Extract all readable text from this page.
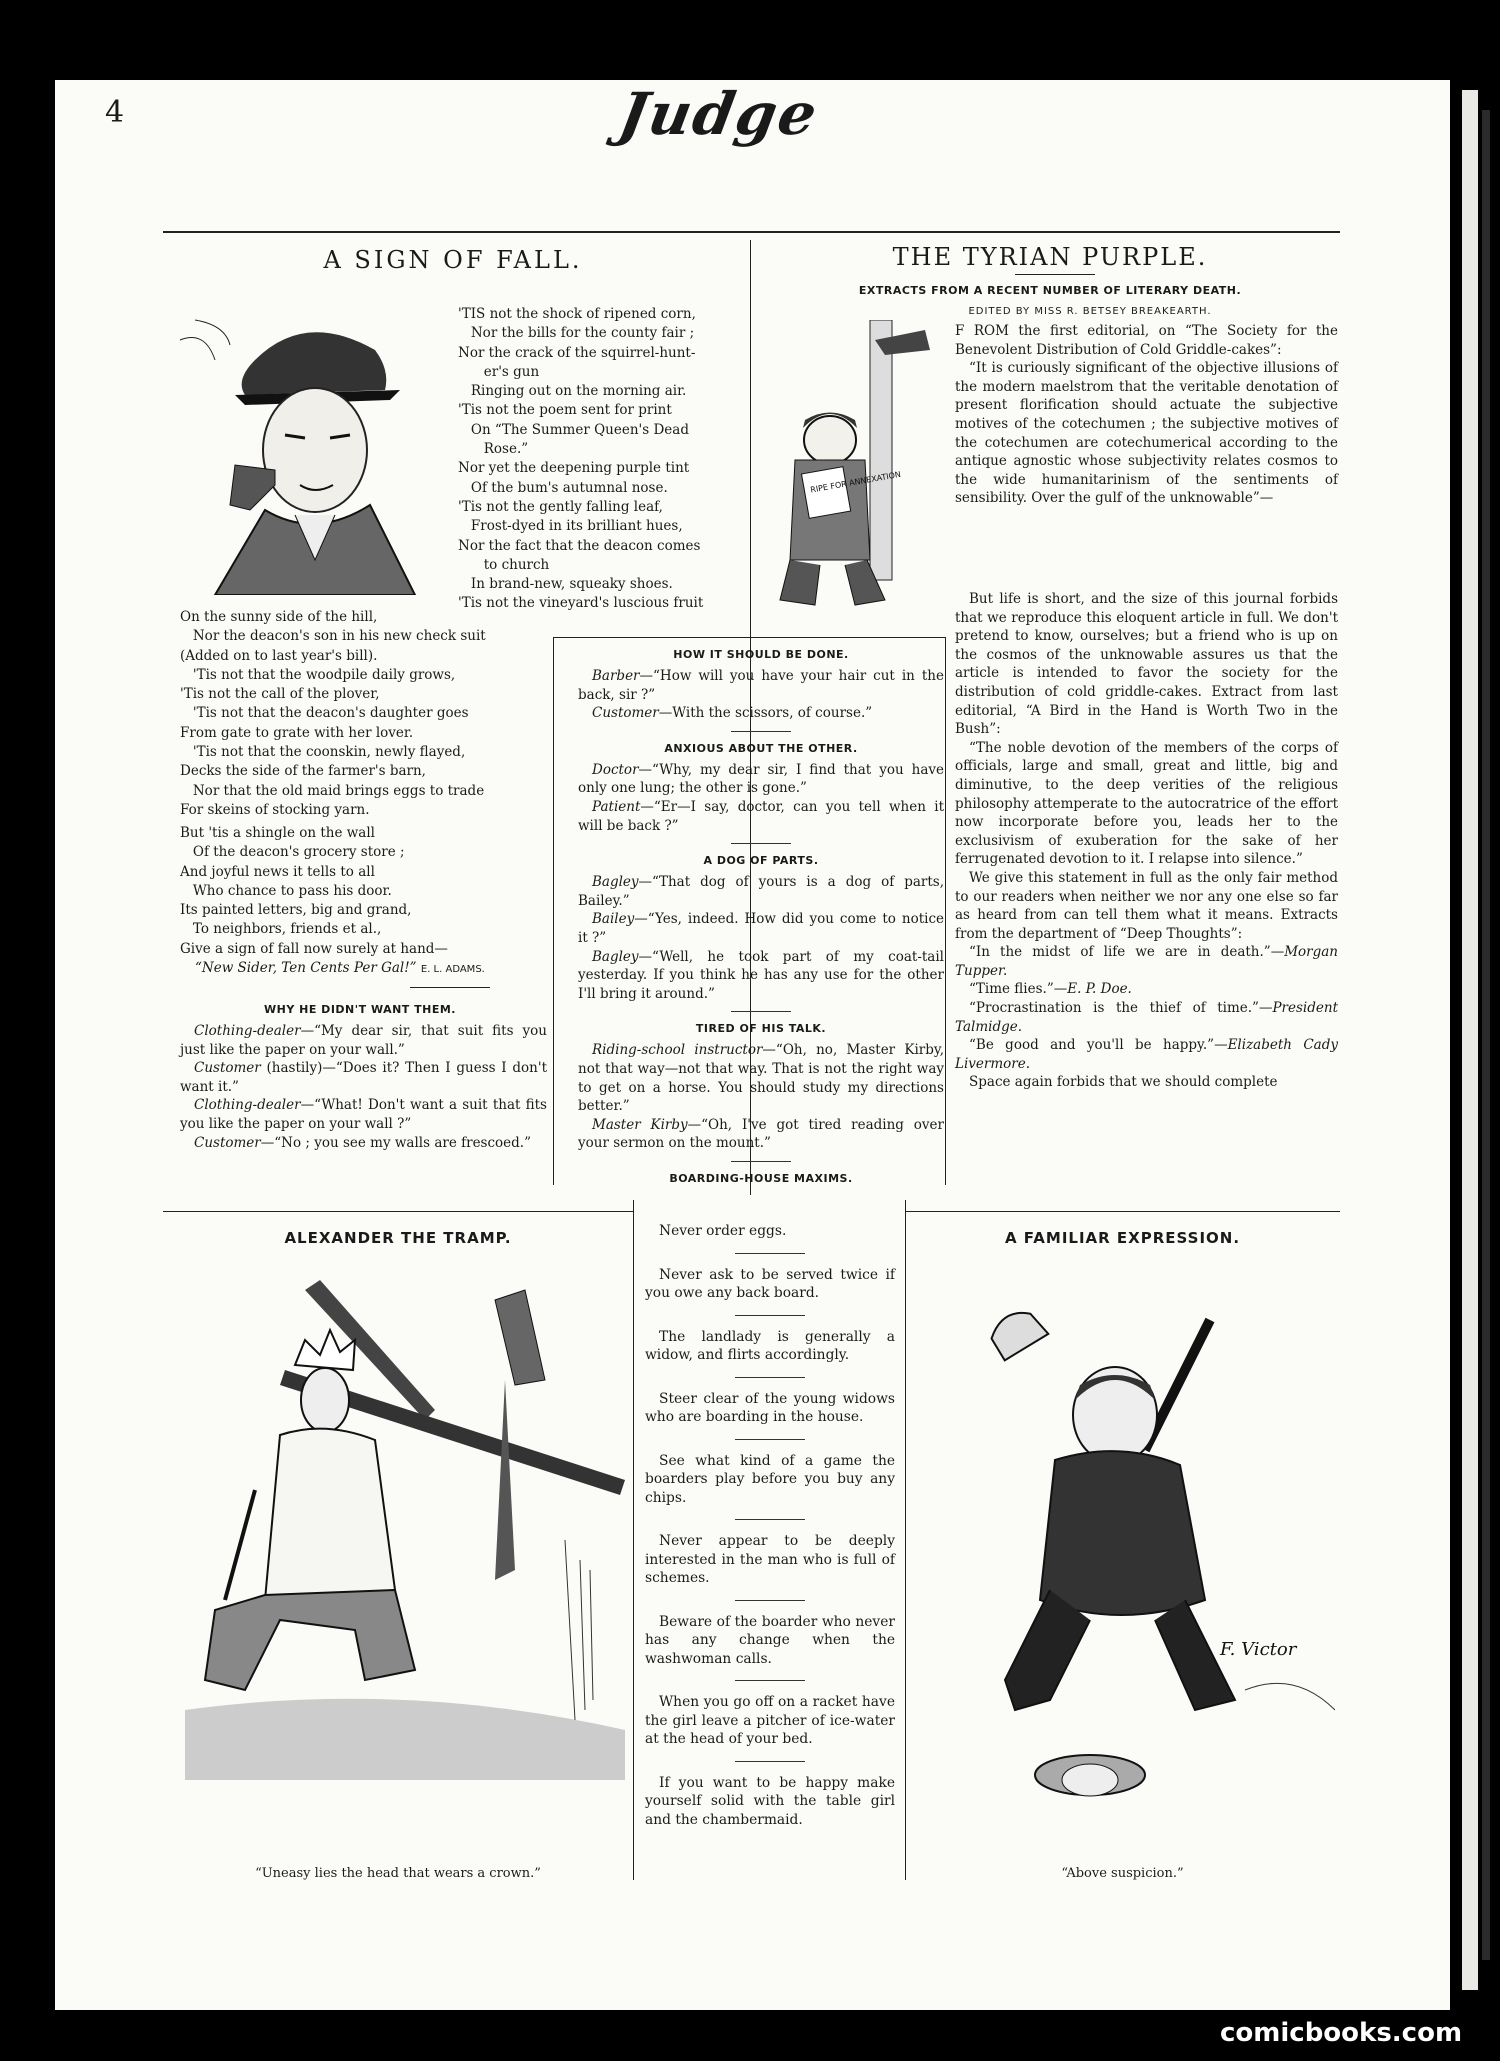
4	Judge
A SIGN OF FALL.
'TIS not the shock of ripened corn,
Nor the bills for the county fair ;
Nor the crack of the squirrel-hunt-
er's gun
Ringing out on the morning air.
'Tis not the poem sent for print
On “The Summer Queen's Dead
Rose.”
Nor yet the deepening purple tint
Of the bum's autumnal nose.
'Tis not the gently falling leaf,
Frost-dyed in its brilliant hues,
Nor the fact that the deacon comes
to church
In brand-new, squeaky shoes.
'Tis not the vineyard's luscious fruit
On the sunny side of the hill,
Nor the deacon's son in his new check suit
(Added on to last year's bill).
'Tis not that the woodpile daily grows,
'Tis not the call of the plover,
'Tis not that the deacon's daughter goes
From gate to grate with her lover.
'Tis not that the coonskin, newly flayed,
Decks the side of the farmer's barn,
Nor that the old maid brings eggs to trade
For skeins of stocking yarn.
But 'tis a shingle on the wall
Of the deacon's grocery store ;
And joyful news it tells to all
Who chance to pass his door.
Its painted letters, big and grand,
To neighbors, friends et al.,
Give a sign of fall now surely at hand—
“New Sider, Ten Cents Per Gal!” E. L. ADAMS.
WHY HE DIDN'T WANT THEM.

Clothing-dealer—“My dear sir, that suit fits you just like the paper on your wall.”

Customer (hastily)—“Does it? Then I guess I don't want it.”

Clothing-dealer—“What! Don't want a suit that fits you like the paper on your wall ?”

Customer—“No ; you see my walls are frescoed.”

HOW IT SHOULD BE DONE.

Barber—“How will you have your hair cut in the back, sir ?”

Customer—With the scissors, of course.”

ANXIOUS ABOUT THE OTHER.

Doctor—“Why, my dear sir, I find that you have only one lung; the other is gone.”

Patient—“Er—I say, doctor, can you tell when it will be back ?”

A DOG OF PARTS.

Bagley—“That dog of yours is a dog of parts, Bailey.”

Bailey—“Yes, indeed. How did you come to notice it ?”

Bagley—“Well, he took part of my coat-tail yesterday. If you think he has any use for the other I'll bring it around.”

TIRED OF HIS TALK.

Riding-school instructor—“Oh, no, Master Kirby, not that way—not that way. That is not the right way to get on a horse. You should study my directions better.”

Master Kirby—“Oh, I've got tired reading over your sermon on the mount.”

BOARDING-HOUSE MAXIMS.
THE TYRIAN PURPLE.
EXTRACTS FROM A RECENT NUMBER OF LITERARY DEATH.
EDITED BY MISS R. BETSEY BREAKEARTH.
RIPE FOR ANNEXATION

F ROM the first editorial, on “The Society for the Benevolent Distribution of Cold Griddle-cakes”:

“It is curiously significant of the objective illusions of the modern maelstrom that the veritable denotation of present florification should actuate the subjective motives of the cotechumen ; the subjective motives of the cotechumen are cotechumerical according to the antique agnostic whose subjectivity relates cosmos to the wide humanitarinism of the sentiments of sensibility. Over the gulf of the unknowable”—

But life is short, and the size of this journal forbids that we reproduce this eloquent article in full. We don't pretend to know, ourselves; but a friend who is up on the cosmos of the unknowable assures us that the article is intended to favor the society for the distribution of cold griddle-cakes. Extract from last editorial, “A Bird in the Hand is Worth Two in the Bush”:

“The noble devotion of the members of the corps of officials, large and small, great and little, big and diminutive, to the deep verities of the religious philosophy attemperate to the autocratrice of the effort now incorporate before you, leads her to the exclusivism of exuberation for the sake of her ferrugenated devotion to it. I relapse into silence.”

We give this statement in full as the only fair method to our readers when neither we nor any one else so far as heard from can tell them what it means. Extracts from the department of “Deep Thoughts”:

“In the midst of life we are in death.”—Morgan Tupper.

“Time flies.”—E. P. Doe.

“Procrastination is the thief of time.”—President Talmidge.

“Be good and you'll be happy.”—Elizabeth Cady Livermore.

Space again forbids that we should complete

ALEXANDER THE TRAMP.
“Uneasy lies the head that wears a crown.”

Never order eggs.

Never ask to be served twice if you owe any back board.

The landlady is generally a widow, and flirts accordingly.

Steer clear of the young widows who are boarding in the house.

See what kind of a game the boarders play before you buy any chips.

Never appear to be deeply interested in the man who is full of schemes.

Beware of the boarder who never has any change when the washwoman calls.

When you go off on a racket have the girl leave a pitcher of ice-water at the head of your bed.

If you want to be happy make yourself solid with the table girl and the chambermaid.

A FAMILIAR EXPRESSION.
F. Victor
“Above suspicion.”
comicbooks.com
